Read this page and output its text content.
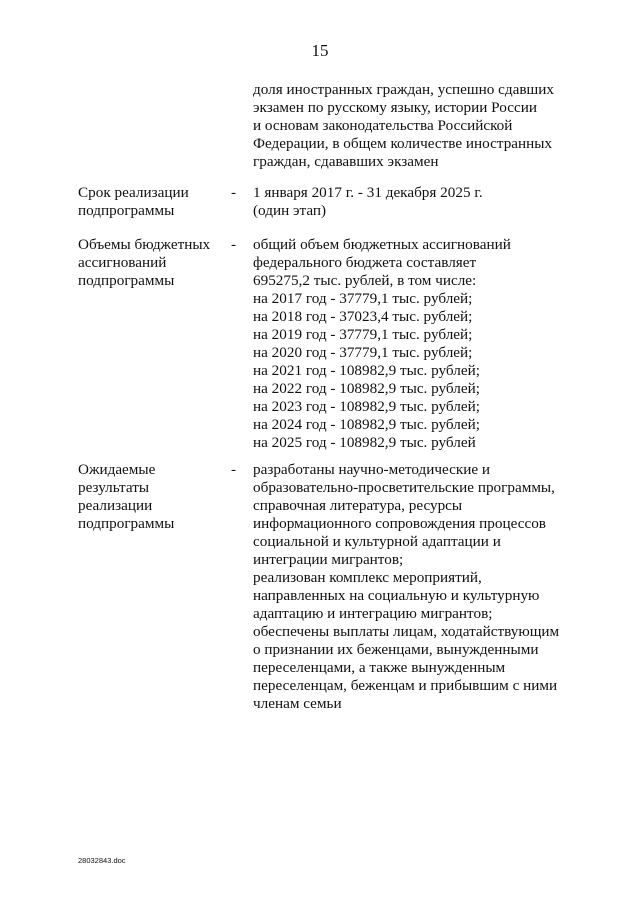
15
доля иностранных граждан, успешно сдавших
экзамен по русскому языку, истории России
и основам законодательства Российской
Федерации, в общем количестве иностранных
граждан, сдававших экзамен
Срок реализации
подпрограммы
- 1 января 2017 г. - 31 декабря 2025 г.
(один этап)
Объемы бюджетных
ассигнований
подпрограммы
- общий объем бюджетных ассигнований
федерального бюджета составляет
695275,2 тыс. рублей, в том числе:
на 2017 год - 37779,1 тыс. рублей;
на 2018 год - 37023,4 тыс. рублей;
на 2019 год - 37779,1 тыс. рублей;
на 2020 год - 37779,1 тыс. рублей;
на 2021 год - 108982,9 тыс. рублей;
на 2022 год - 108982,9 тыс. рублей;
на 2023 год - 108982,9 тыс. рублей;
на 2024 год - 108982,9 тыс. рублей;
на 2025 год - 108982,9 тыс. рублей
Ожидаемые
результаты
реализации
подпрограммы
- разработаны научно-методические и
образовательно-просветительские программы,
справочная литература, ресурсы
информационного сопровождения процессов
социальной и культурной адаптации и
интеграции мигрантов;
реализован комплекс мероприятий,
направленных на социальную и культурную
адаптацию и интеграцию мигрантов;
обеспечены выплаты лицам, ходатайствующим
о признании их беженцами, вынужденными
переселенцами, а также вынужденным
переселенцам, беженцам и прибывшим с ними
членам семьи
28032843.doc
